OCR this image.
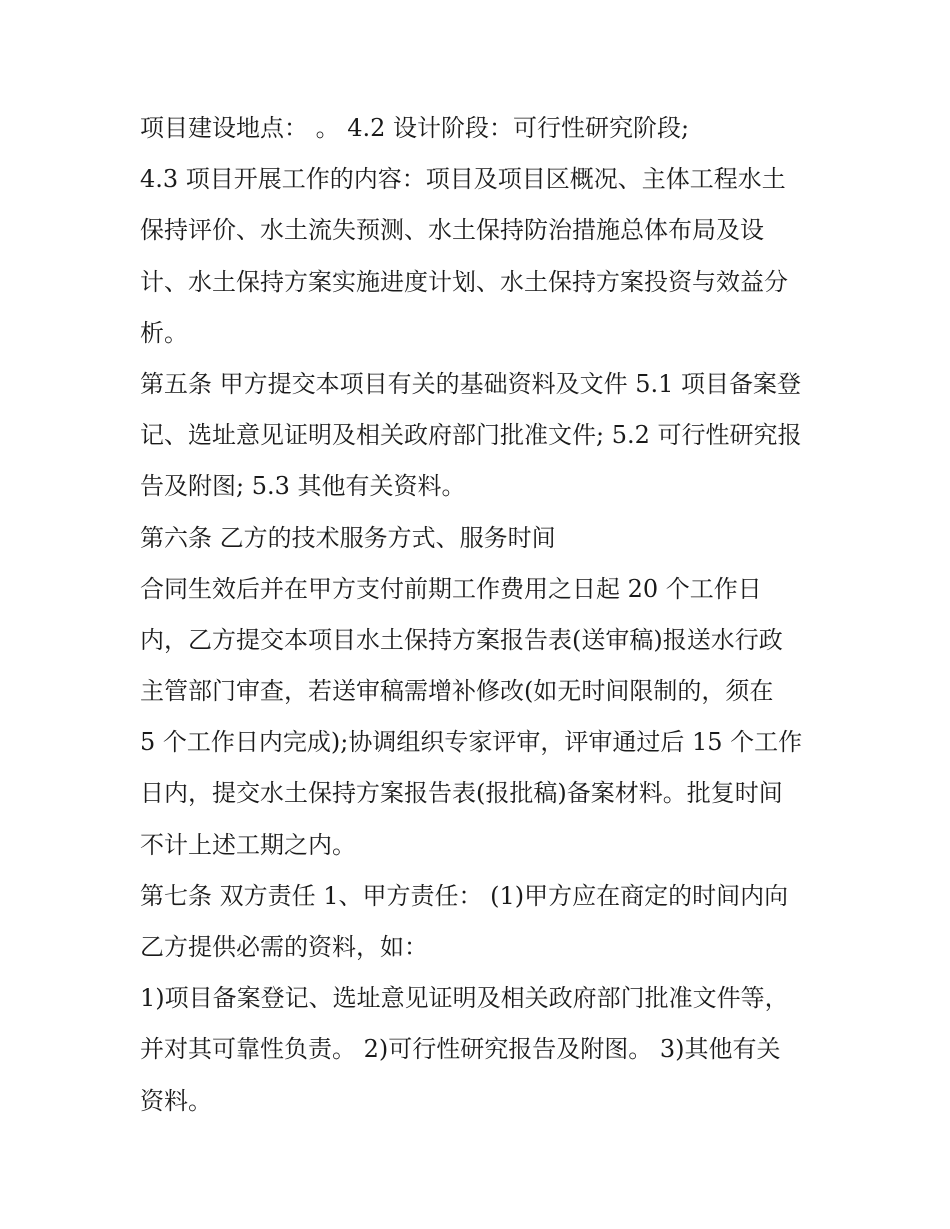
项目建设地点： 。 4.2 设计阶段：可行性研究阶段;
4.3 项目开展工作的内容：项目及项目区概况、主体工程水土
保持评价、水土流失预测、水土保持防治措施总体布局及设
计、水土保持方案实施进度计划、水土保持方案投资与效益分
析。
第五条 甲方提交本项目有关的基础资料及文件 5.1 项目备案登
记、选址意见证明及相关政府部门批准文件; 5.2 可行性研究报
告及附图; 5.3 其他有关资料。
第六条 乙方的技术服务方式、服务时间
合同生效后并在甲方支付前期工作费用之日起 20 个工作日
内，乙方提交本项目水土保持方案报告表(送审稿)报送水行政
主管部门审查，若送审稿需增补修改(如无时间限制的，须在
5 个工作日内完成);协调组织专家评审，评审通过后 15 个工作
日内，提交水土保持方案报告表(报批稿)备案材料。批复时间
不计上述工期之内。
第七条 双方责任 1、甲方责任： (1)甲方应在商定的时间内向
乙方提供必需的资料，如：
1)项目备案登记、选址意见证明及相关政府部门批准文件等，
并对其可靠性负责。 2)可行性研究报告及附图。 3)其他有关
资料。
